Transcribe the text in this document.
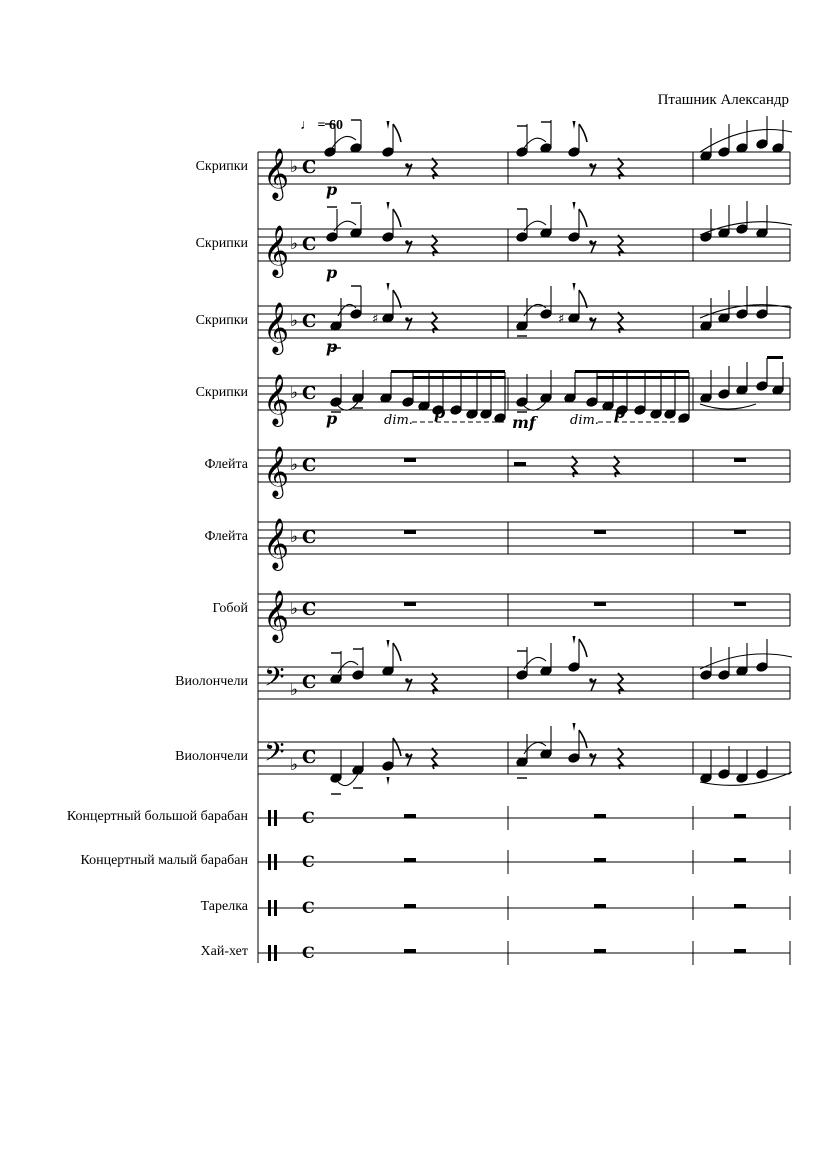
Пташник Александр
♩ = 60
Скрипки
Скрипки
Скрипки
Скрипки
Флейта
Флейта
Гобой
Виолончели
Виолончели
Концертный большой барабан
Концертный малый барабан
Тарелка
Хай-хет
𝄞 ♭ C
𝄞 ♭ C
𝄞 ♭ C
𝄞 ♭ C
𝄞 ♭ C
𝄞 ♭ C
𝄞 ♭ C
𝄢 ♭ C
𝄢 ♭ C
C
C
C
C
p
p
♯	♯
p
p	dim. p
mf	dim. p
